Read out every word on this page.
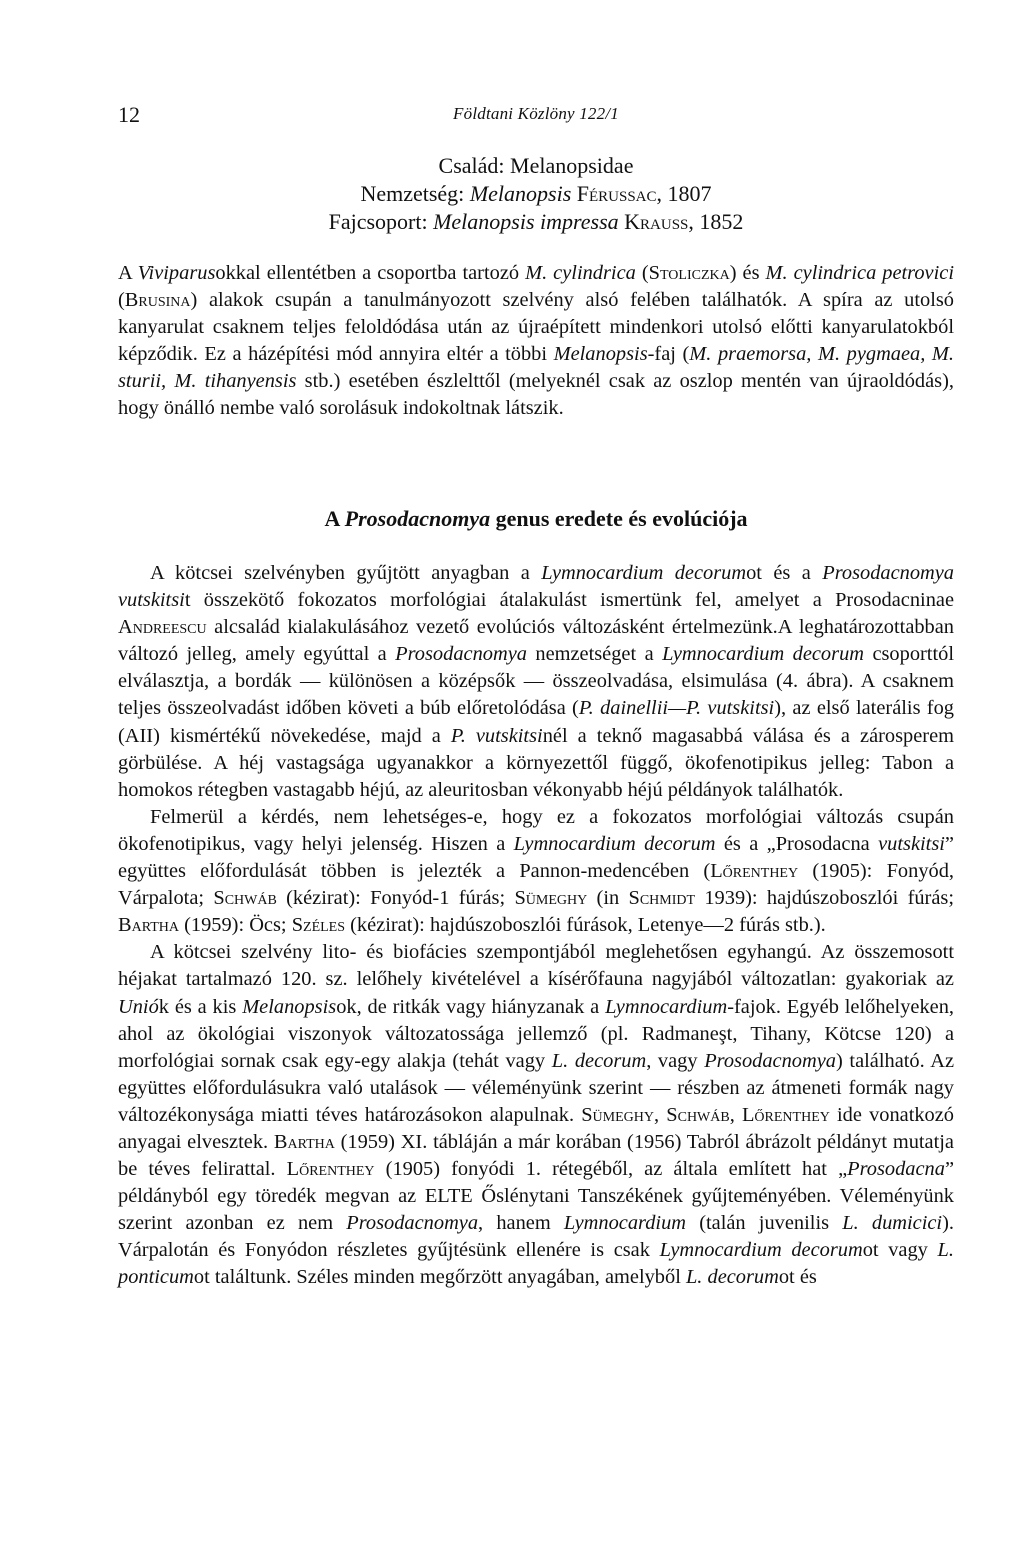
12	Földtani Közlöny 122/1
Család: Melanopsidae
Nemzetség: Melanopsis Férussac, 1807
Fajcsoport: Melanopsis impressa Krauss, 1852

A Viviparusokkal ellentétben a csoportba tartozó M. cylindrica (Stoliczka) és M. cylindrica petrovici (Brusina) alakok csupán a tanulmányozott szelvény alsó felében találhatók. A spíra az utolsó kanyarulat csaknem teljes feloldódása után az újraépített mindenkori utolsó előtti kanyarulatokból képződik. Ez a házépítési mód annyira eltér a többi Melanopsis-faj (M. praemorsa, M. pygmaea, M. sturii, M. tihanyensis stb.) esetében észlelttől (melyeknél csak az oszlop mentén van újraoldódás), hogy önálló nembe való sorolásuk indokoltnak látszik.

A Prosodacnomya genus eredete és evolúciója

A kötcsei szelvényben gyűjtött anyagban a Lymnocardium decorumot és a Prosodacnomya vutskitsit összekötő fokozatos morfológiai átalakulást ismertünk fel, amelyet a Prosodacninae Andreescu alcsalád kialakulásához vezető evolúciós változásként értelmezünk.A leghatározottabban változó jelleg, amely egyúttal a Prosodacnomya nemzetséget a Lymnocardium decorum csoporttól elválasztja, a bordák — különösen a középsők — összeolvadása, elsimulása (4. ábra). A csaknem teljes összeolvadást időben követi a búb előretolódása (P. dainellii—P. vutskitsi), az első laterális fog (AII) kismértékű növekedése, majd a P. vutskitsinél a teknő magasabbá válása és a zárosperem görbülése. A héj vastagsága ugyanakkor a környezettől függő, ökofenotipikus jelleg: Tabon a homokos rétegben vastagabb héjú, az aleuritosban vékonyabb héjú példányok találhatók.

Felmerül a kérdés, nem lehetséges-e, hogy ez a fokozatos morfológiai változás csupán ökofenotipikus, vagy helyi jelenség. Hiszen a Lymnocardium decorum és a „Prosodacna vutskitsi” együttes előfordulását többen is jelezték a Pannon-medencében (Lőrenthey (1905): Fonyód, Várpalota; Schwáb (kézirat): Fonyód-1 fúrás; Sümeghy (in Schmidt 1939): hajdúszoboszlói fúrás; Bartha (1959): Öcs; Széles (kézirat): hajdúszoboszlói fúrások, Letenye—2 fúrás stb.).

A kötcsei szelvény lito- és biofácies szempontjából meglehetősen egyhangú. Az összemosott héjakat tartalmazó 120. sz. lelőhely kivételével a kísérőfauna nagyjából változatlan: gyakoriak az Uniók és a kis Melanopsisok, de ritkák vagy hiányzanak a Lymnocardium-fajok. Egyéb lelőhelyeken, ahol az ökológiai viszonyok változatossága jellemző (pl. Radmaneşt, Tihany, Kötcse 120) a morfológiai sornak csak egy-egy alakja (tehát vagy L. decorum, vagy Prosodacnomya) található. Az együttes előfordulásukra való utalások — véleményünk szerint — részben az átmeneti formák nagy változékonysága miatti téves határozásokon alapulnak. Sümeghy, Schwáb, Lőrenthey ide vonatkozó anyagai elvesztek. Bartha (1959) XI. tábláján a már korában (1956) Tabról ábrázolt példányt mutatja be téves felirattal. Lőrenthey (1905) fonyódi 1. rétegéből, az általa említett hat „Prosodacna” példányból egy töredék megvan az ELTE Őslénytani Tanszékének gyűjteményében. Véleményünk szerint azonban ez nem Prosodacnomya, hanem Lymnocardium (talán juvenilis L. dumicici). Várpalotán és Fonyódon részletes gyűjtésünk ellenére is csak Lymnocardium decorumot vagy L. ponticumot találtunk. Széles minden megőrzött anyagában, amelyből L. decorumot és
